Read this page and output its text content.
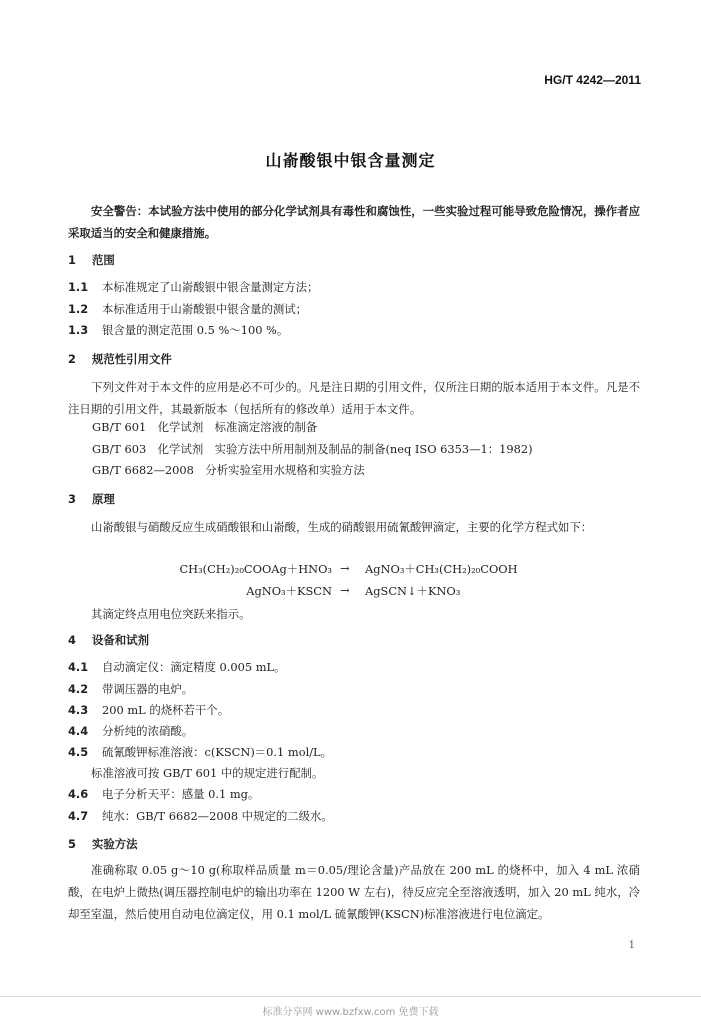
HG/T 4242—2011
山嵛酸银中银含量测定
安全警告：本试验方法中使用的部分化学试剂具有毒性和腐蚀性，一些实验过程可能导致危险情况，操作者应采取适当的安全和健康措施。
1 范围
1.1 本标准规定了山嵛酸银中银含量测定方法；
1.2 本标准适用于山嵛酸银中银含量的测试；
1.3 银含量的测定范围 0.5 %～100 %。
2 规范性引用文件
下列文件对于本文件的应用是必不可少的。凡是注日期的引用文件，仅所注日期的版本适用于本文件。凡是不注日期的引用文件，其最新版本（包括所有的修改单）适用于本文件。
GB/T 601　化学试剂　标准滴定溶液的制备
GB/T 603　化学试剂　实验方法中所用制剂及制品的制备(neq ISO 6353—1：1982)
GB/T 6682—2008　分析实验室用水规格和实验方法
3 原理
山嵛酸银与硝酸反应生成硝酸银和山嵛酸，生成的硝酸银用硫氰酸钾滴定，主要的化学方程式如下：
CH₃(CH₂)₂₀COOAg＋HNO₃ → AgNO₃＋CH₃(CH₂)₂₀COOH
AgNO₃＋KSCN → AgSCN↓＋KNO₃
其滴定终点用电位突跃来指示。
4 设备和试剂
4.1 自动滴定仪：滴定精度 0.005 mL。
4.2 带调压器的电炉。
4.3 200 mL 的烧杯若干个。
4.4 分析纯的浓硝酸。
4.5 硫氰酸钾标准溶液：c(KSCN)＝0.1 mol/L。
标准溶液可按 GB/T 601 中的规定进行配制。
4.6 电子分析天平：感量 0.1 mg。
4.7 纯水：GB/T 6682—2008 中规定的二级水。
5 实验方法
准确称取 0.05 g～10 g(称取样品质量 m＝0.05/理论含量)产品放在 200 mL 的烧杯中，加入 4 mL 浓硝酸，在电炉上微热(调压器控制电炉的输出功率在 1200 W 左右)，待反应完全至溶液透明，加入 20 mL 纯水，冷却至室温，然后使用自动电位滴定仪，用 0.1 mol/L 硫氰酸钾(KSCN)标准溶液进行电位滴定。
1
标准分享网 www.bzfxw.com 免费下载
